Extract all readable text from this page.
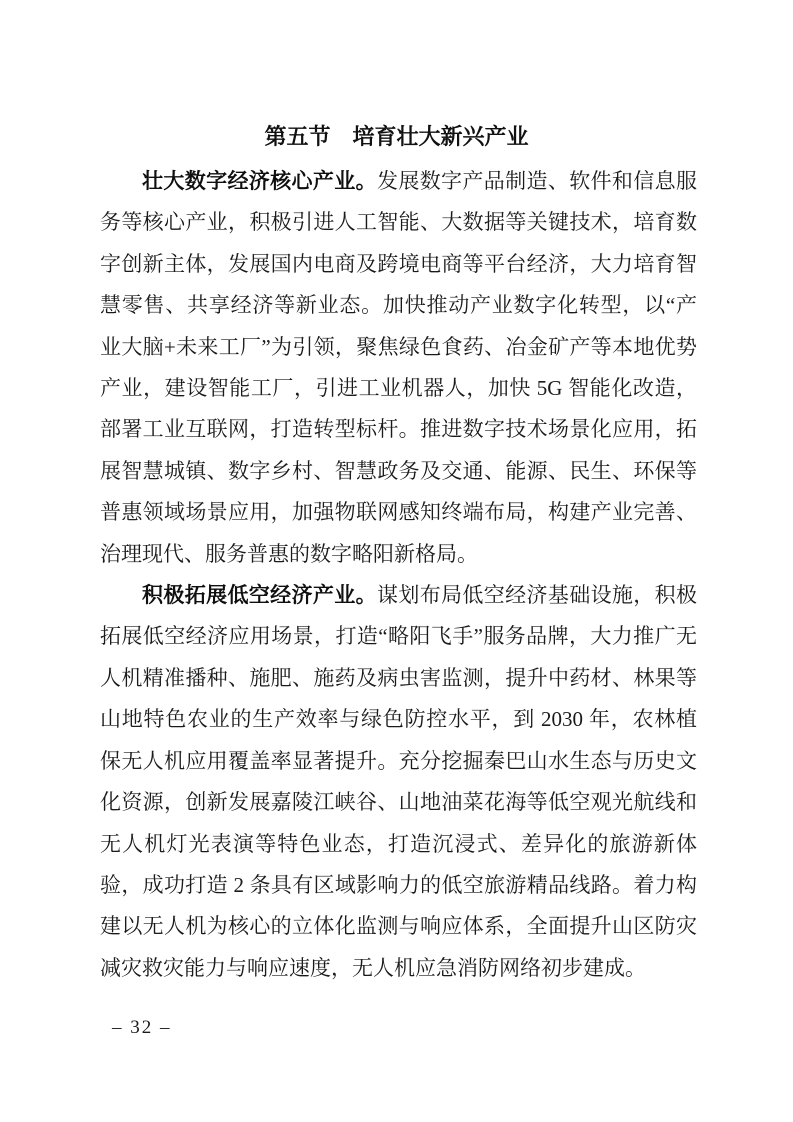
第五节　培育壮大新兴产业

壮大数字经济核心产业。发展数字产品制造、软件和信息服务等核心产业，积极引进人工智能、大数据等关键技术，培育数字创新主体，发展国内电商及跨境电商等平台经济，大力培育智慧零售、共享经济等新业态。加快推动产业数字化转型，以“产业大脑+未来工厂”为引领，聚焦绿色食药、冶金矿产等本地优势产业，建设智能工厂，引进工业机器人，加快 5G 智能化改造，部署工业互联网，打造转型标杆。推进数字技术场景化应用，拓展智慧城镇、数字乡村、智慧政务及交通、能源、民生、环保等普惠领域场景应用，加强物联网感知终端布局，构建产业完善、治理现代、服务普惠的数字略阳新格局。

积极拓展低空经济产业。谋划布局低空经济基础设施，积极拓展低空经济应用场景，打造“略阳飞手”服务品牌，大力推广无人机精准播种、施肥、施药及病虫害监测，提升中药材、林果等山地特色农业的生产效率与绿色防控水平，到 2030 年，农林植保无人机应用覆盖率显著提升。充分挖掘秦巴山水生态与历史文化资源，创新发展嘉陵江峡谷、山地油菜花海等低空观光航线和无人机灯光表演等特色业态，打造沉浸式、差异化的旅游新体验，成功打造 2 条具有区域影响力的低空旅游精品线路。着力构建以无人机为核心的立体化监测与响应体系，全面提升山区防灾减灾救灾能力与响应速度，无人机应急消防网络初步建成。

– 32 –
